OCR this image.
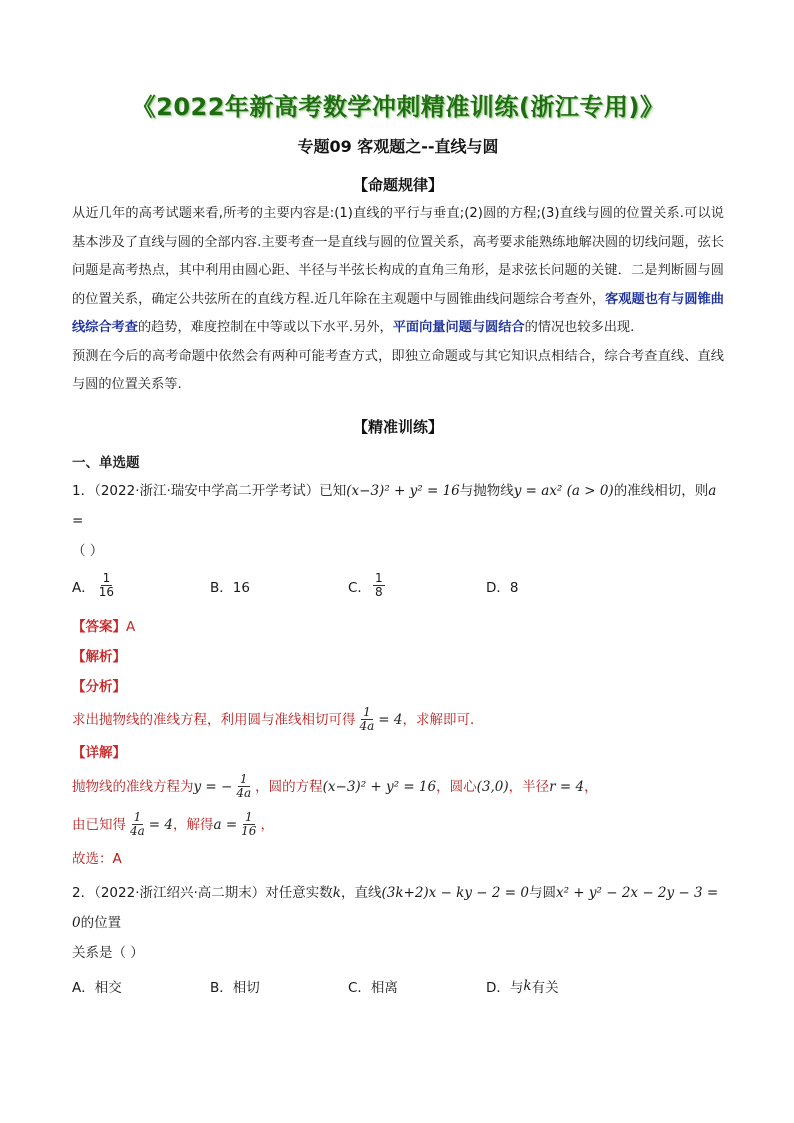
《2022年新高考数学冲刺精准训练(浙江专用)》
专题09 客观题之--直线与圆
【命题规律】

从近几年的高考试题来看,所考的主要内容是:(1)直线的平行与垂直;(2)圆的方程;(3)直线与圆的位置关系.可以说基本涉及了直线与圆的全部内容.主要考查一是直线与圆的位置关系，高考要求能熟练地解决圆的切线问题，弦长问题是高考热点，其中利用由圆心距、半径与半弦长构成的直角三角形，是求弦长问题的关键．二是判断圆与圆的位置关系，确定公共弦所在的直线方程.近几年除在主观题中与圆锥曲线问题综合考查外，客观题也有与圆锥曲线综合考查的趋势，难度控制在中等或以下水平.另外，平面向量问题与圆结合的情况也较多出现.

预测在今后的高考命题中依然会有两种可能考查方式，即独立命题或与其它知识点相结合，综合考查直线、直线与圆的位置关系等.

【精准训练】
一、单选题
1．（2022·浙江·瑞安中学高二开学考试）已知(x−3)² + y² = 16与抛物线y = ax² (a > 0)的准线相切，则a =
（ ）
A． $\frac{1}{16}$	B．16	C． $\frac{1}{8}$	D．8
【答案】A
【解析】
【分析】
求出抛物线的准线方程，利用圆与准线相切可得 $\frac{1}{4a} = 4$，求解即可．
【详解】
抛物线的准线方程为y = − $\frac{1}{4a}$ ，圆的方程(x−3)² + y² = 16，圆心(3,0)，半径r = 4，
由已知得 $\frac{1}{4a} = 4$，解得$a = \frac{1}{16}$ ，
故选：A
2．（2022·浙江绍兴·高二期末）对任意实数k，直线(3k+2)x − ky − 2 = 0与圆x² + y² − 2x − 2y − 3 = 0的位置
关系是（ ）
A．相交	B．相切	C．相离	D．与 k 有关
